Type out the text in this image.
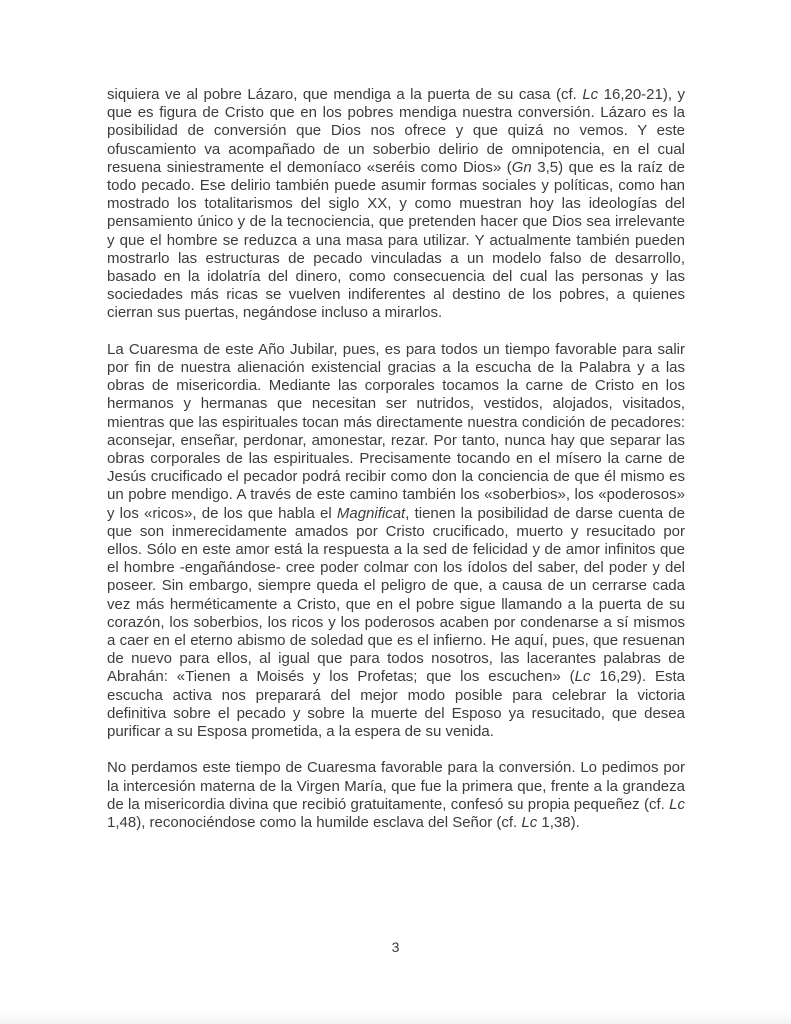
siquiera ve al pobre Lázaro, que mendiga a la puerta de su casa (cf. Lc 16,20-21), y que es figura de Cristo que en los pobres mendiga nuestra conversión. Lázaro es la posibilidad de conversión que Dios nos ofrece y que quizá no vemos. Y este ofuscamiento va acompañado de un soberbio delirio de omnipotencia, en el cual resuena siniestramente el demoníaco «seréis como Dios» (Gn 3,5) que es la raíz de todo pecado. Ese delirio también puede asumir formas sociales y políticas, como han mostrado los totalitarismos del siglo XX, y como muestran hoy las ideologías del pensamiento único y de la tecnociencia, que pretenden hacer que Dios sea irrelevante y que el hombre se reduzca a una masa para utilizar. Y actualmente también pueden mostrarlo las estructuras de pecado vinculadas a un modelo falso de desarrollo, basado en la idolatría del dinero, como consecuencia del cual las personas y las sociedades más ricas se vuelven indiferentes al destino de los pobres, a quienes cierran sus puertas, negándose incluso a mirarlos.

La Cuaresma de este Año Jubilar, pues, es para todos un tiempo favorable para salir por fin de nuestra alienación existencial gracias a la escucha de la Palabra y a las obras de misericordia. Mediante las corporales tocamos la carne de Cristo en los hermanos y hermanas que necesitan ser nutridos, vestidos, alojados, visitados, mientras que las espirituales tocan más directamente nuestra condición de pecadores: aconsejar, enseñar, perdonar, amonestar, rezar. Por tanto, nunca hay que separar las obras corporales de las espirituales. Precisamente tocando en el mísero la carne de Jesús crucificado el pecador podrá recibir como don la conciencia de que él mismo es un pobre mendigo. A través de este camino también los «soberbios», los «poderosos» y los «ricos», de los que habla el Magnificat, tienen la posibilidad de darse cuenta de que son inmerecidamente amados por Cristo crucificado, muerto y resucitado por ellos. Sólo en este amor está la respuesta a la sed de felicidad y de amor infinitos que el hombre -engañándose- cree poder colmar con los ídolos del saber, del poder y del poseer. Sin embargo, siempre queda el peligro de que, a causa de un cerrarse cada vez más herméticamente a Cristo, que en el pobre sigue llamando a la puerta de su corazón, los soberbios, los ricos y los poderosos acaben por condenarse a sí mismos a caer en el eterno abismo de soledad que es el infierno. He aquí, pues, que resuenan de nuevo para ellos, al igual que para todos nosotros, las lacerantes palabras de Abrahán: «Tienen a Moisés y los Profetas; que los escuchen» (Lc 16,29). Esta escucha activa nos preparará del mejor modo posible para celebrar la victoria definitiva sobre el pecado y sobre la muerte del Esposo ya resucitado, que desea purificar a su Esposa prometida, a la espera de su venida.

No perdamos este tiempo de Cuaresma favorable para la conversión. Lo pedimos por la intercesión materna de la Virgen María, que fue la primera que, frente a la grandeza de la misericordia divina que recibió gratuitamente, confesó su propia pequeñez (cf. Lc 1,48), reconociéndose como la humilde esclava del Señor (cf. Lc 1,38).

3
